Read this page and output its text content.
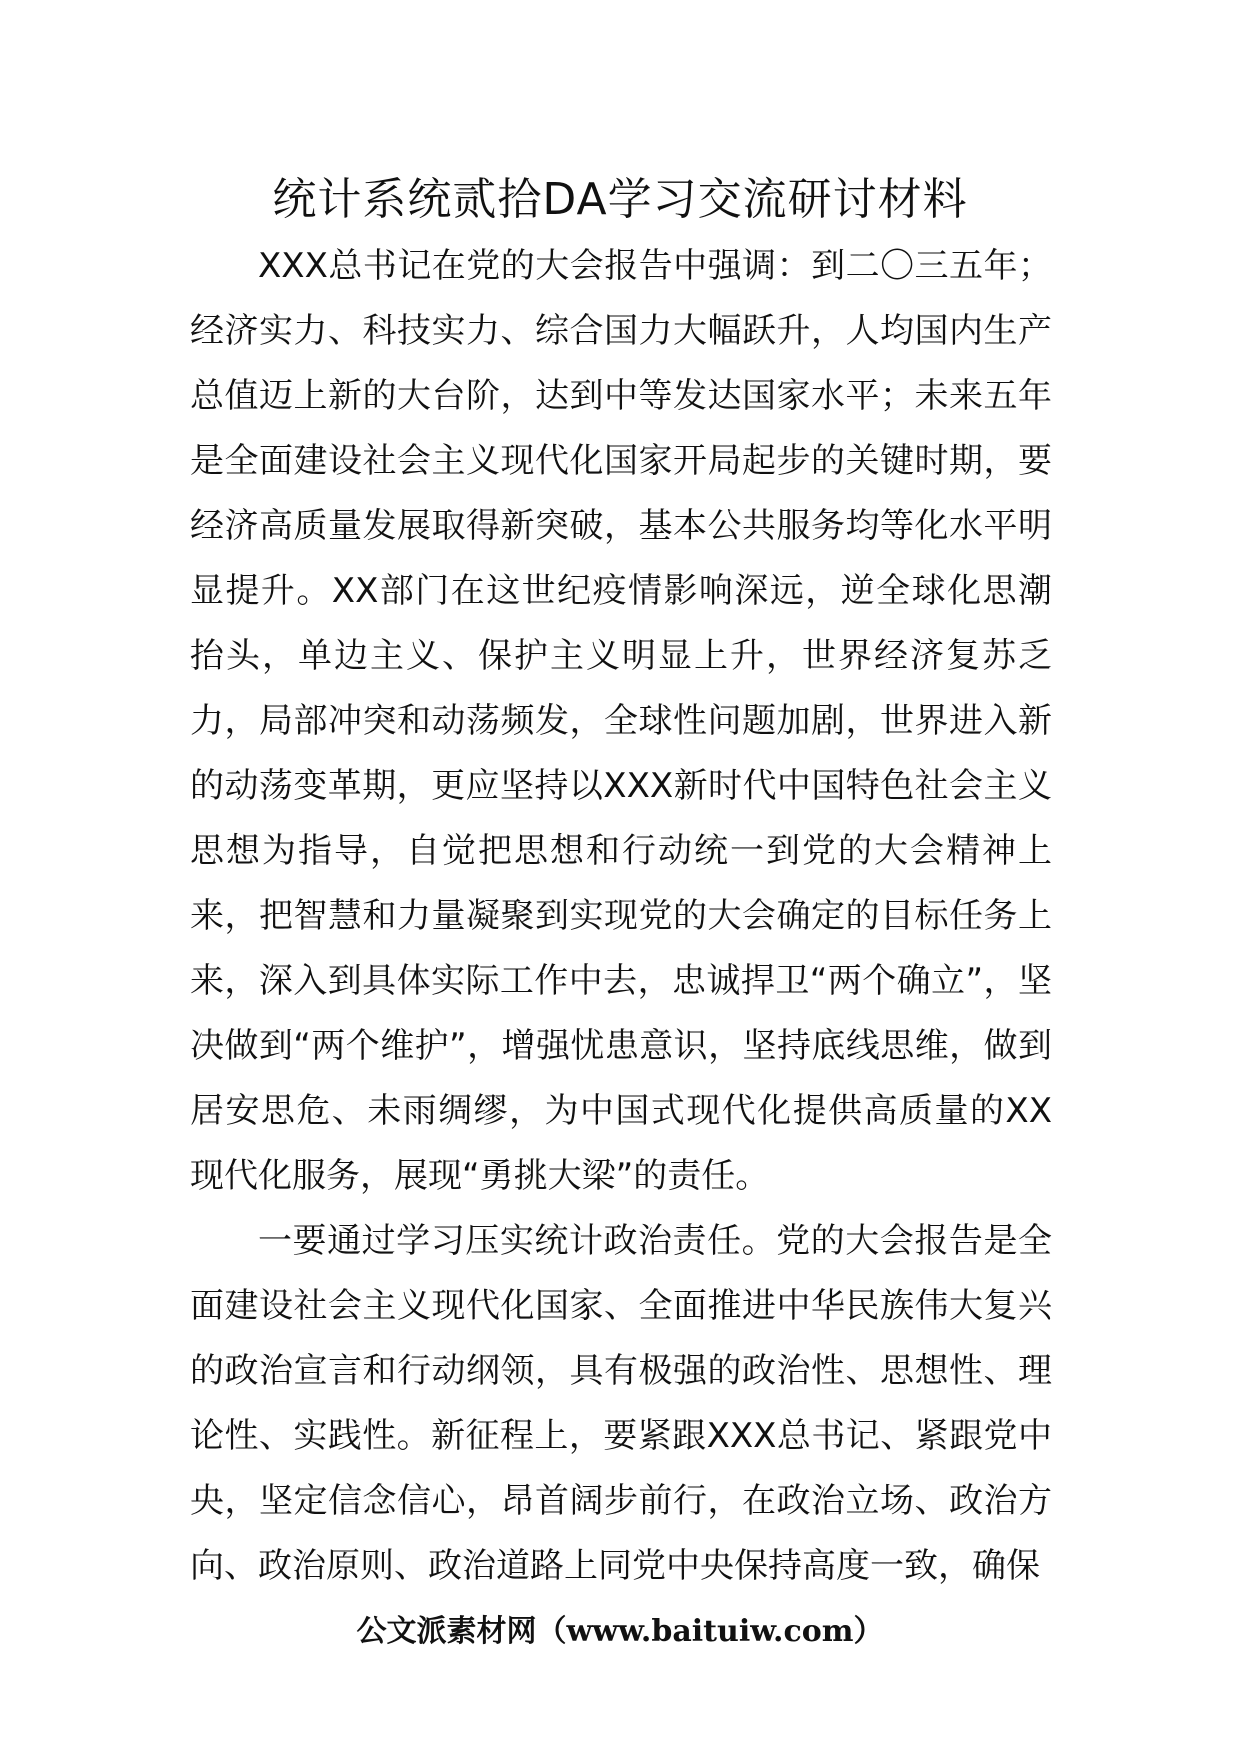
统计系统贰拾DA学习交流研讨材料

XXX总书记在党的大会报告中强调：到二〇三五年；经济实力、科技实力、综合国力大幅跃升，人均国内生产总值迈上新的大台阶，达到中等发达国家水平；未来五年是全面建设社会主义现代化国家开局起步的关键时期，要经济高质量发展取得新突破，基本公共服务均等化水平明显提升。XX部门在这世纪疫情影响深远，逆全球化思潮抬头，单边主义、保护主义明显上升，世界经济复苏乏力，局部冲突和动荡频发，全球性问题加剧，世界进入新的动荡变革期，更应坚持以XXX新时代中国特色社会主义思想为指导，自觉把思想和行动统一到党的大会精神上来，把智慧和力量凝聚到实现党的大会确定的目标任务上来，深入到具体实际工作中去，忠诚捍卫“两个确立”，坚决做到“两个维护”，增强忧患意识，坚持底线思维，做到居安思危、未雨绸缪，为中国式现代化提供高质量的XX现代化服务，展现“勇挑大梁”的责任。

一要通过学习压实统计政治责任。党的大会报告是全面建设社会主义现代化国家、全面推进中华民族伟大复兴的政治宣言和行动纲领，具有极强的政治性、思想性、理论性、实践性。新征程上，要紧跟XXX总书记、紧跟党中央，坚定信念信心，昂首阔步前行，在政治立场、政治方向、政治原则、政治道路上同党中央保持高度一致，确保

公文派素材网（www.baituiw.com）
